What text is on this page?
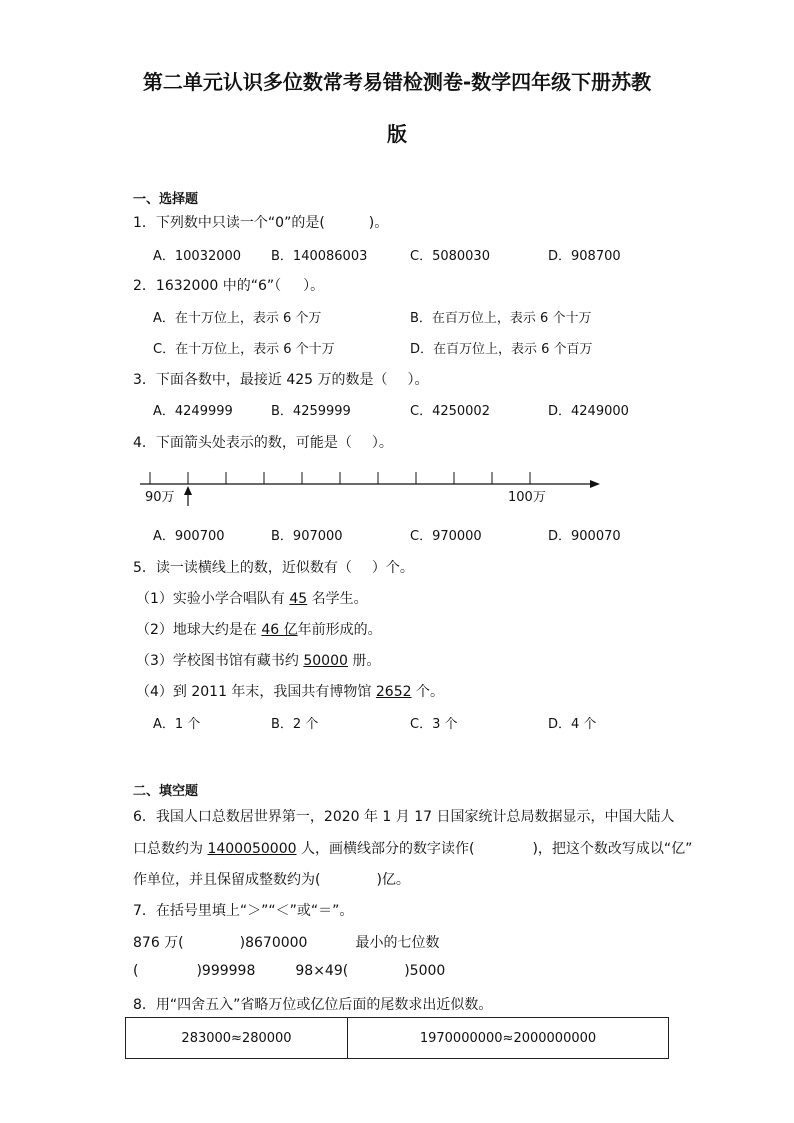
第二单元认识多位数常考易错检测卷-数学四年级下册苏教
版
一、选择题
1．下列数中只读一个“0”的是(	)。
A．10032000 B．140086003	C．5080030	D．908700
2．1632000 中的“6”（ ）。
A．在十万位上，表示 6 个万	B．在百万位上，表示 6 个十万
C．在十万位上，表示 6 个十万	D．在百万位上，表示 6 个百万
3．下面各数中，最接近 425 万的数是（ ）。
A．4249999	B．4259999	C．4250002	D．4249000
4．下面箭头处表示的数，可能是（ ）。
90万	100万
A．900700	B．907000	C．970000	D．900070
5．读一读横线上的数，近似数有（ ）个。
（1）实验小学合唱队有 45 名学生。
（2）地球大约是在 46 亿年前形成的。
（3）学校图书馆有藏书约 50000 册。
（4）到 2011 年末，我国共有博物馆 2652 个。
A．1 个	B．2 个	C．3 个	D．4 个
二、填空题
6．我国人口总数居世界第一，2020 年 1 月 17 日国家统计总局数据显示，中国大陆人
口总数约为 1400050000 人，画横线部分的数字读作(	)，把这个数改写成以“亿”
作单位，并且保留成整数约为(	)亿。
7．在括号里填上“＞”“＜”或“＝”。
876 万(	)8670000	最小的七位数
(	)999998	98×49(	)5000
8．用“四舍五入”省略万位或亿位后面的尾数求出近似数。
283000≈280000	1970000000≈2000000000
